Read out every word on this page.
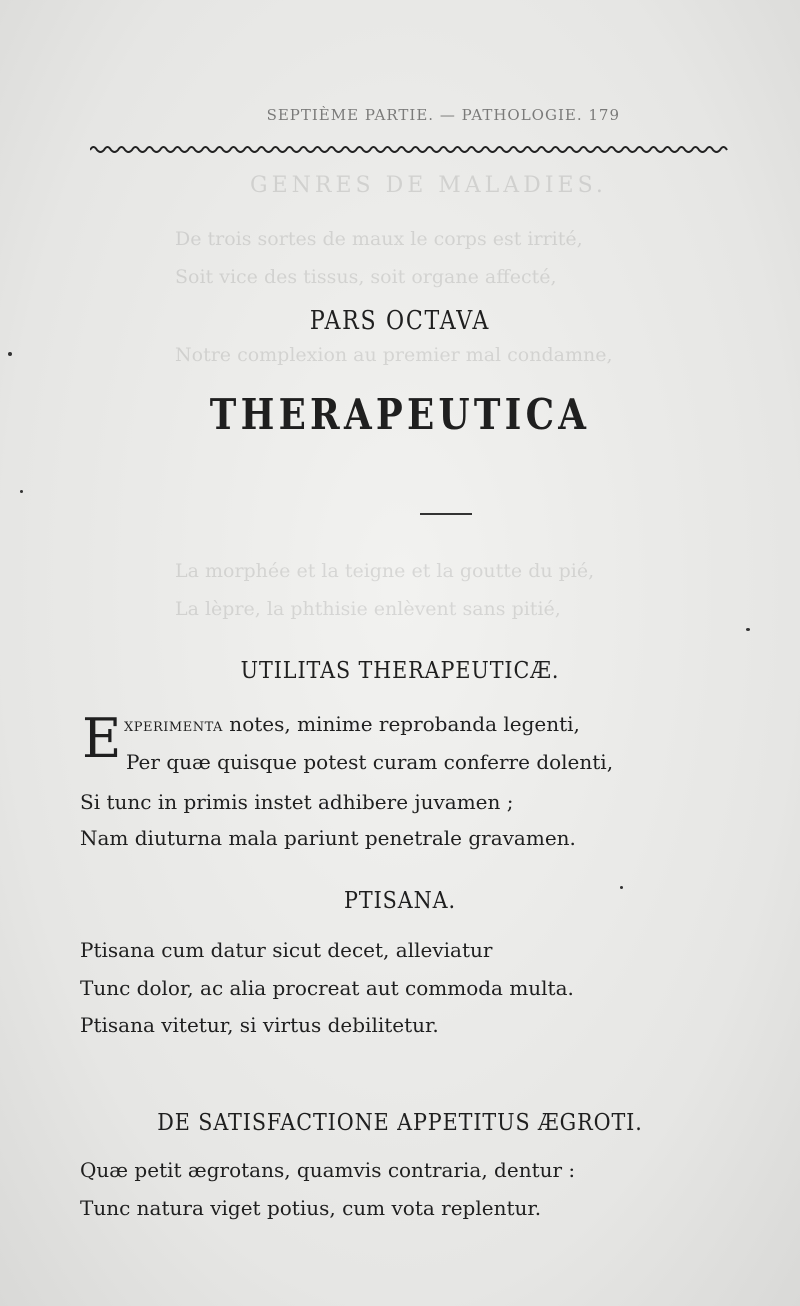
GENRES DE MALADIES.
De trois sortes de maux le corps est irrité,
Soit vice des tissus, soit organe affecté,
Notre complexion au premier mal condamne,
La morphée et la teigne et la goutte du pié,
La lèpre, la phthisie enlèvent sans pitié,
SEPTIÈME PARTIE. — PATHOLOGIE. 179
PARS OCTAVA
THERAPEUTICA
UTILITAS THERAPEUTICÆ.
E XPERIMENTA notes, minime reprobanda legenti,
Per quæ quisque potest curam conferre dolenti,
Si tunc in primis instet adhibere juvamen ;
Nam diuturna mala pariunt penetrale gravamen.
PTISANA.
Ptisana cum datur sicut decet, alleviatur
Tunc dolor, ac alia procreat aut commoda multa.
Ptisana vitetur, si virtus debilitetur.
DE SATISFACTIONE APPETITUS ÆGROTI.
Quæ petit ægrotans, quamvis contraria, dentur :
Tunc natura viget potius, cum vota replentur.
